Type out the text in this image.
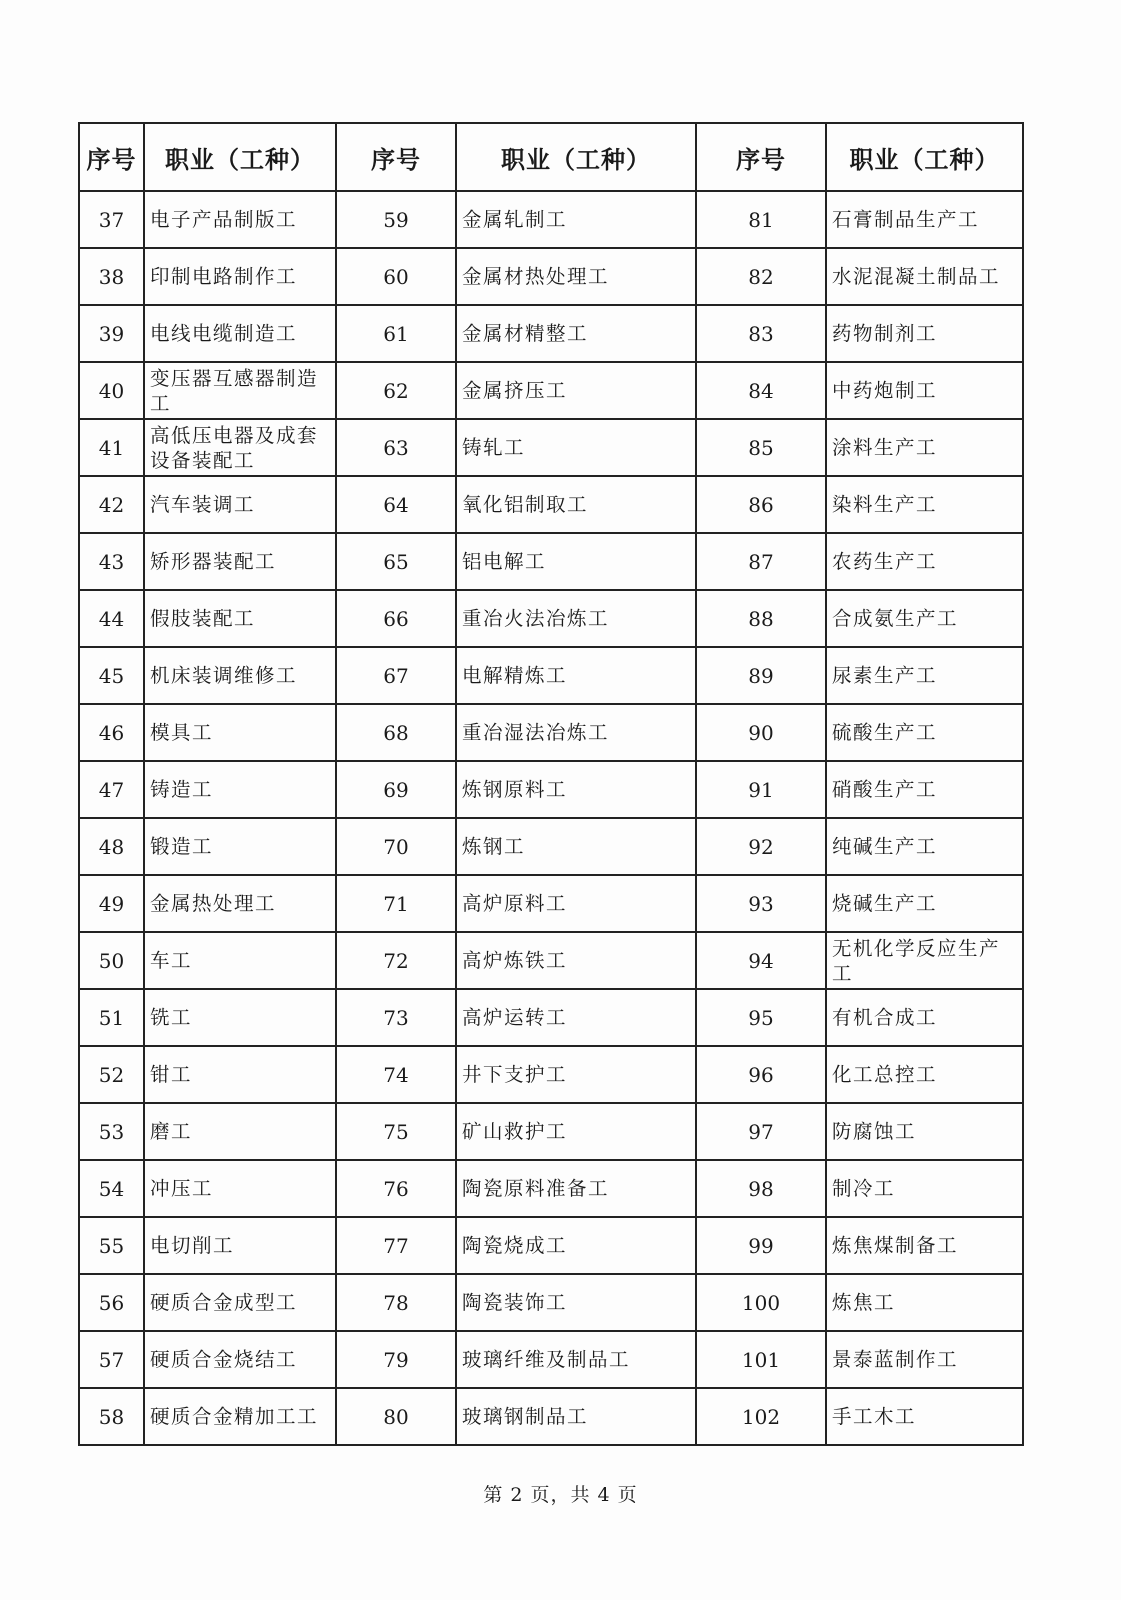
序号	职业（工种）	序号	职业（工种）	序号	职业（工种）
37	电子产品制版工	59	金属轧制工	81	石膏制品生产工
38	印制电路制作工	60	金属材热处理工	82	水泥混凝土制品工
39	电线电缆制造工	61	金属材精整工	83	药物制剂工
40	变压器互感器制造工	62	金属挤压工	84	中药炮制工
41	高低压电器及成套设备装配工	63	铸轧工	85	涂料生产工
42	汽车装调工	64	氧化铝制取工	86	染料生产工
43	矫形器装配工	65	铝电解工	87	农药生产工
44	假肢装配工	66	重冶火法冶炼工	88	合成氨生产工
45	机床装调维修工	67	电解精炼工	89	尿素生产工
46	模具工	68	重冶湿法冶炼工	90	硫酸生产工
47	铸造工	69	炼钢原料工	91	硝酸生产工
48	锻造工	70	炼钢工	92	纯碱生产工
49	金属热处理工	71	高炉原料工	93	烧碱生产工
50	车工	72	高炉炼铁工	94	无机化学反应生产工
51	铣工	73	高炉运转工	95	有机合成工
52	钳工	74	井下支护工	96	化工总控工
53	磨工	75	矿山救护工	97	防腐蚀工
54	冲压工	76	陶瓷原料准备工	98	制冷工
55	电切削工	77	陶瓷烧成工	99	炼焦煤制备工
56	硬质合金成型工	78	陶瓷装饰工	100	炼焦工
57	硬质合金烧结工	79	玻璃纤维及制品工	101	景泰蓝制作工
58	硬质合金精加工工	80	玻璃钢制品工	102	手工木工
第 2 页，共 4 页
